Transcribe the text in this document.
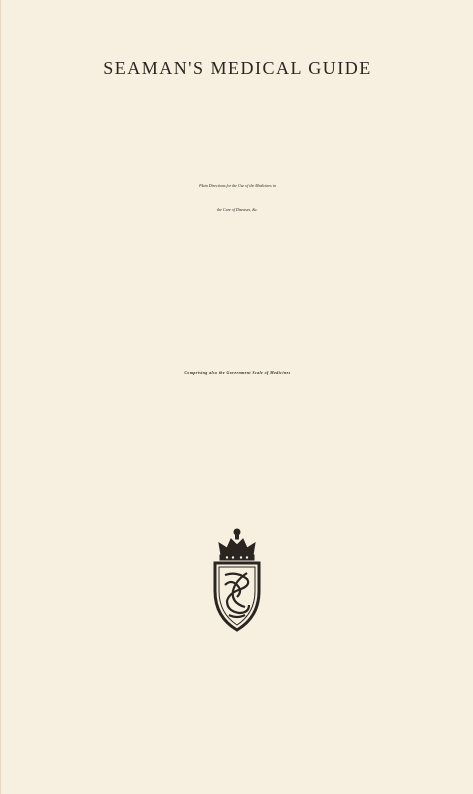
SEAMAN'S MEDICAL GUIDE
Plain Directions for the Use of the Medicines in
the Cure of Diseases, &c.
Comprising also the Government Scale of Medicines
